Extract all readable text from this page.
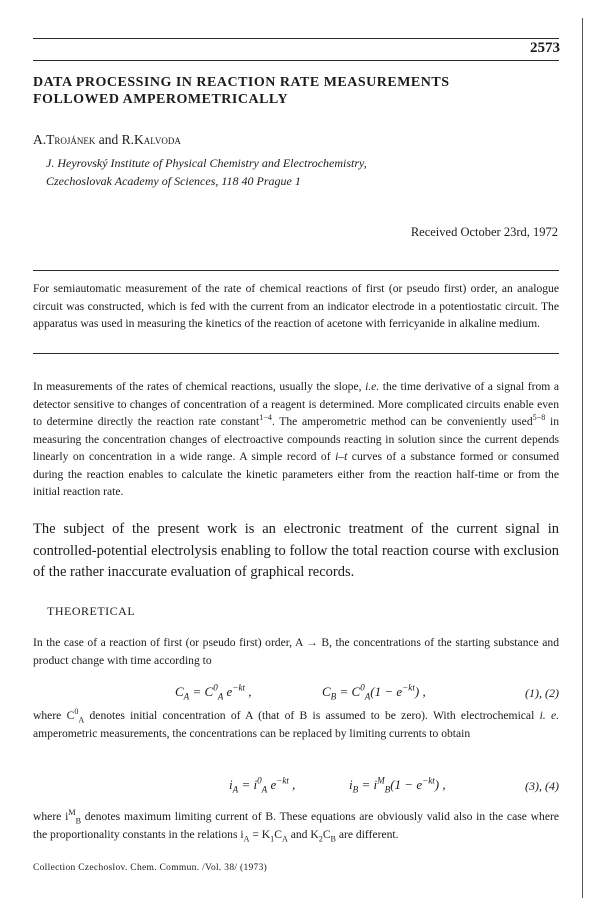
2573
DATA PROCESSING IN REACTION RATE MEASUREMENTS
FOLLOWED AMPEROMETRICALLY
A.Trojánek and R.Kalvoda
J. Heyrovský Institute of Physical Chemistry and Electrochemistry,
Czechoslovak Academy of Sciences, 118 40 Prague 1
Received October 23rd, 1972
For semiautomatic measurement of the rate of chemical reactions of first (or pseudo first) order, an analogue circuit was constructed, which is fed with the current from an indicator electrode in a potentiostatic circuit. The apparatus was used in measuring the kinetics of the reaction of acetone with ferricyanide in alkaline medium.
In measurements of the rates of chemical reactions, usually the slope, i.e. the time derivative of a signal from a detector sensitive to changes of concentration of a reagent is determined. More complicated circuits enable even to determine directly the reaction rate constant$^{1-4}$. The amperometric method can be conveniently used$^{5-8}$ in measuring the concentration changes of electroactive compounds reacting in solution since the current depends linearly on concentration in a wide range. A simple record of i–t curves of a substance formed or consumed during the reaction enables to calculate the kinetic parameters either from the reaction half-time or from the initial reaction rate.
The subject of the present work is an electronic treatment of the current signal in controlled-potential electrolysis enabling to follow the total reaction course with exclusion of the rather inaccurate evaluation of graphical records.
THEORETICAL
In the case of a reaction of first (or pseudo first) order, A → B, the concentrations of the starting substance and product change with time according to
$C_A = C^0_A$ $e^{-kt}$ ,	$C_B = C^0_A(1 - e^{-kt})$ ,	(1), (2)
where $C^0_A$ denotes initial concentration of A (that of B is assumed to be zero). With electrochemical i. e. amperometric measurements, the concentrations can be replaced by limiting currents to obtain
$i_A = i^0_A$ $e^{-kt}$ ,	$i_B = i^M_B(1 - e^{-kt})$ ,	(3), (4)
where $i^M_B$ denotes maximum limiting current of B. These equations are obviously valid also in the case where the proportionality constants in the relations $i_A = K_1C_A$ and $K_2C_B$ are different.
Collection Czechoslov. Chem. Commun. /Vol. 38/ (1973)
